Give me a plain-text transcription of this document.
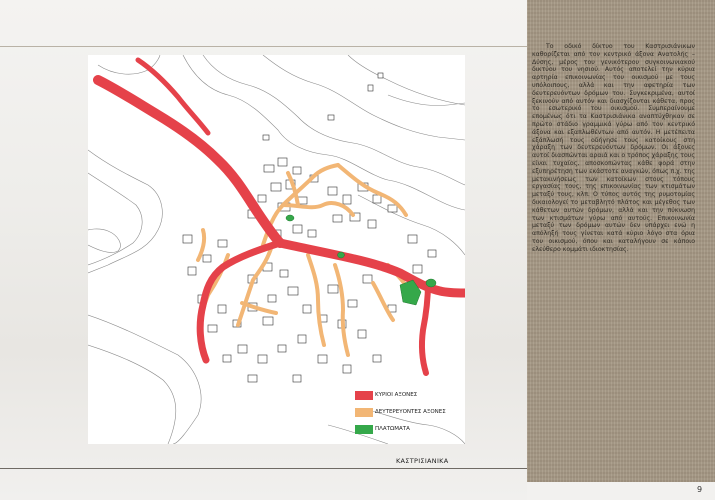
ΚΥΡΙΟΙ ΑΞΟΝΕΣ
ΔΕΥΤΕΡΕΥΟΝΤΕΣ ΑΞΟΝΕΣ
ΠΛΑΤΩΜΑΤΑ
ΚΑΣΤΡΙΣΙΑΝΙΚΑ

Το οδικό δίκτυο του Καστρισιάνικων καθορίζεται από τον κεντρικό άξονα Ανατολής – Δύσης, μέρος του γενικότερου συγκοινωνιακού δικτύου του νησιού. Αυτός αποτελεί την κύρια αρτηρία επικοινωνίας του οικισμού με τους υπόλοιπους, αλλά και την αφετηρία των δευτερευόντων δρόμων του. Συγκεκριμένα, αυτοί ξεκινούν από αυτόν και διασχίζονται κάθετα, προς το εσωτερικό του οικισμού. Συμπεραίνουμε επομένως ότι τα Καστρισιάνικα αναπτύχθηκαν σε πρώτο στάδιο γραμμικά γύρω από τον κεντρικό άξονα και εξαπλωθέντων από αυτόν. Η μετέπειτα εξάπλωσή τους οδήγησε τους κατοίκους στη χάραξη των δευτερευόντων δρόμων. Οι άξονες αυτοί διασπώνται αραιά και ο τρόπος χάραξης τους είναι τυχαίος, αποσκοπώντας κάθε φορά στην εξυπηρέτηση των εκάστοτε αναγκών, όπως π.χ. της μετακινήσεως των κατοίκων στους τόπους εργασίας τους, της επικοινωνίας των κτισμάτων μεταξύ τους, κλπ. Ο τύπος αυτός της ρυμοτομίας δικαιολογεί το μεταβλητό πλάτος και μέγεθος των κάθετων αυτών δρόμων, αλλά και την πύκνωση των κτισμάτων γύρω από αυτούς. Επικοινωνία μεταξύ των δρόμων αυτών δεν υπάρχει ενώ η απόληξή τους γίνεται κατά κύριο λόγο στα όρια του οικισμού, όπου και καταλήγουν σε κάποιο ελεύθερο κομμάτι ιδιοκτησίας.

9
